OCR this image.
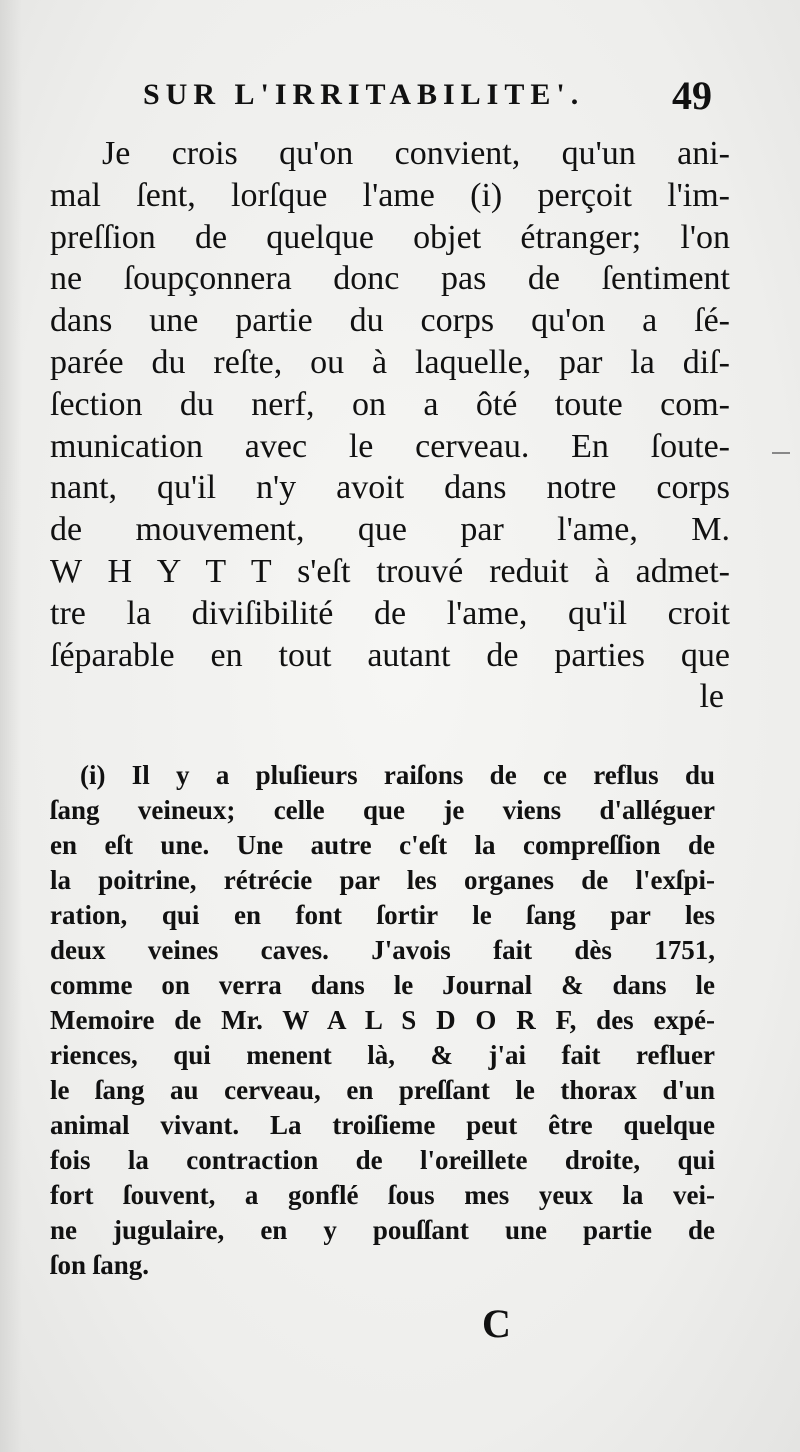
SUR L'IRRITABILITE'. 49
Je crois qu'on convient, qu'un ani-
mal ſent, lorſque l'ame (i) perçoit l'im-
preſſion de quelque objet étranger; l'on
ne ſoupçonnera donc pas de ſentiment
dans une partie du corps qu'on a ſé-
parée du reſte, ou à laquelle, par la diſ-
ſection du nerf, on a ôté toute com-
munication avec le cerveau. En ſoute-
nant, qu'il n'y avoit dans notre corps
de mouvement, que par l'ame, M.
W H Y T T s'eſt trouvé reduit à admet-
tre la diviſibilité de l'ame, qu'il croit
ſéparable en tout autant de parties que
le
(i) Il y a pluſieurs raiſons de ce reflus du
ſang veineux; celle que je viens d'alléguer
en eſt une. Une autre c'eſt la compreſſion de
la poitrine, rétrécie par les organes de l'exſpi-
ration, qui en font ſortir le ſang par les
deux veines caves. J'avois fait dès 1751,
comme on verra dans le Journal & dans le
Memoire de Mr. W A L S D O R F, des expé-
riences, qui menent là, & j'ai fait refluer
le ſang au cerveau, en preſſant le thorax d'un
animal vivant. La troiſieme peut être quelque
fois la contraction de l'oreillete droite, qui
fort ſouvent, a gonflé ſous mes yeux la vei-
ne jugulaire, en y pouſſant une partie de
ſon ſang.
C
